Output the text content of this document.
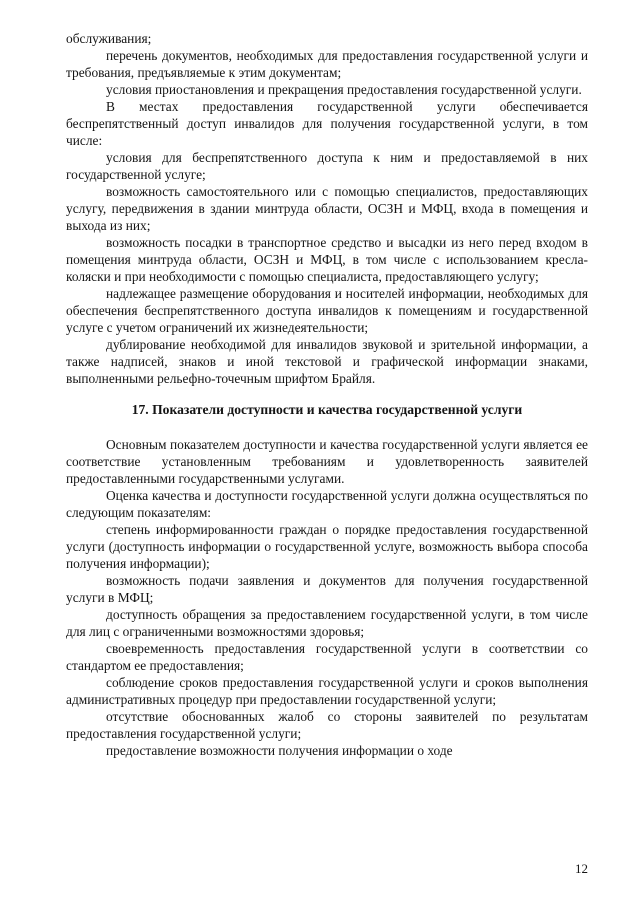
обслуживания;

перечень документов, необходимых для предоставления государственной услуги и требования, предъявляемые к этим документам;

условия приостановления и прекращения предоставления государственной услуги.

В местах предоставления государственной услуги обеспечивается беспрепятственный доступ инвалидов для получения государственной услуги, в том числе:

условия для беспрепятственного доступа к ним и предоставляемой в них государственной услуге;

возможность самостоятельного или с помощью специалистов, предоставляющих услугу, передвижения в здании минтруда области, ОСЗН и МФЦ, входа в помещения и выхода из них;

возможность посадки в транспортное средство и высадки из него перед входом в помещения минтруда области, ОСЗН и МФЦ, в том числе с использованием кресла-коляски и при необходимости с помощью специалиста, предоставляющего услугу;

надлежащее размещение оборудования и носителей информации, необходимых для обеспечения беспрепятственного доступа инвалидов к помещениям и государственной услуге с учетом ограничений их жизнедеятельности;

дублирование необходимой для инвалидов звуковой и зрительной информации, а также надписей, знаков и иной текстовой и графической информации знаками, выполненными рельефно-точечным шрифтом Брайля.

17. Показатели доступности и качества государственной услуги

Основным показателем доступности и качества государственной услуги является ее соответствие установленным требованиям и удовлетворенность заявителей предоставленными государственными услугами.

Оценка качества и доступности государственной услуги должна осуществляться по следующим показателям:

степень информированности граждан о порядке предоставления государственной услуги (доступность информации о государственной услуге, возможность выбора способа получения информации);

возможность подачи заявления и документов для получения государственной услуги в МФЦ;

доступность обращения за предоставлением государственной услуги, в том числе для лиц с ограниченными возможностями здоровья;

своевременность предоставления государственной услуги в соответствии со стандартом ее предоставления;

соблюдение сроков предоставления государственной услуги и сроков выполнения административных процедур при предоставлении государственной услуги;

отсутствие обоснованных жалоб со стороны заявителей по результатам предоставления государственной услуги;

предоставление возможности получения информации о ходе

12
